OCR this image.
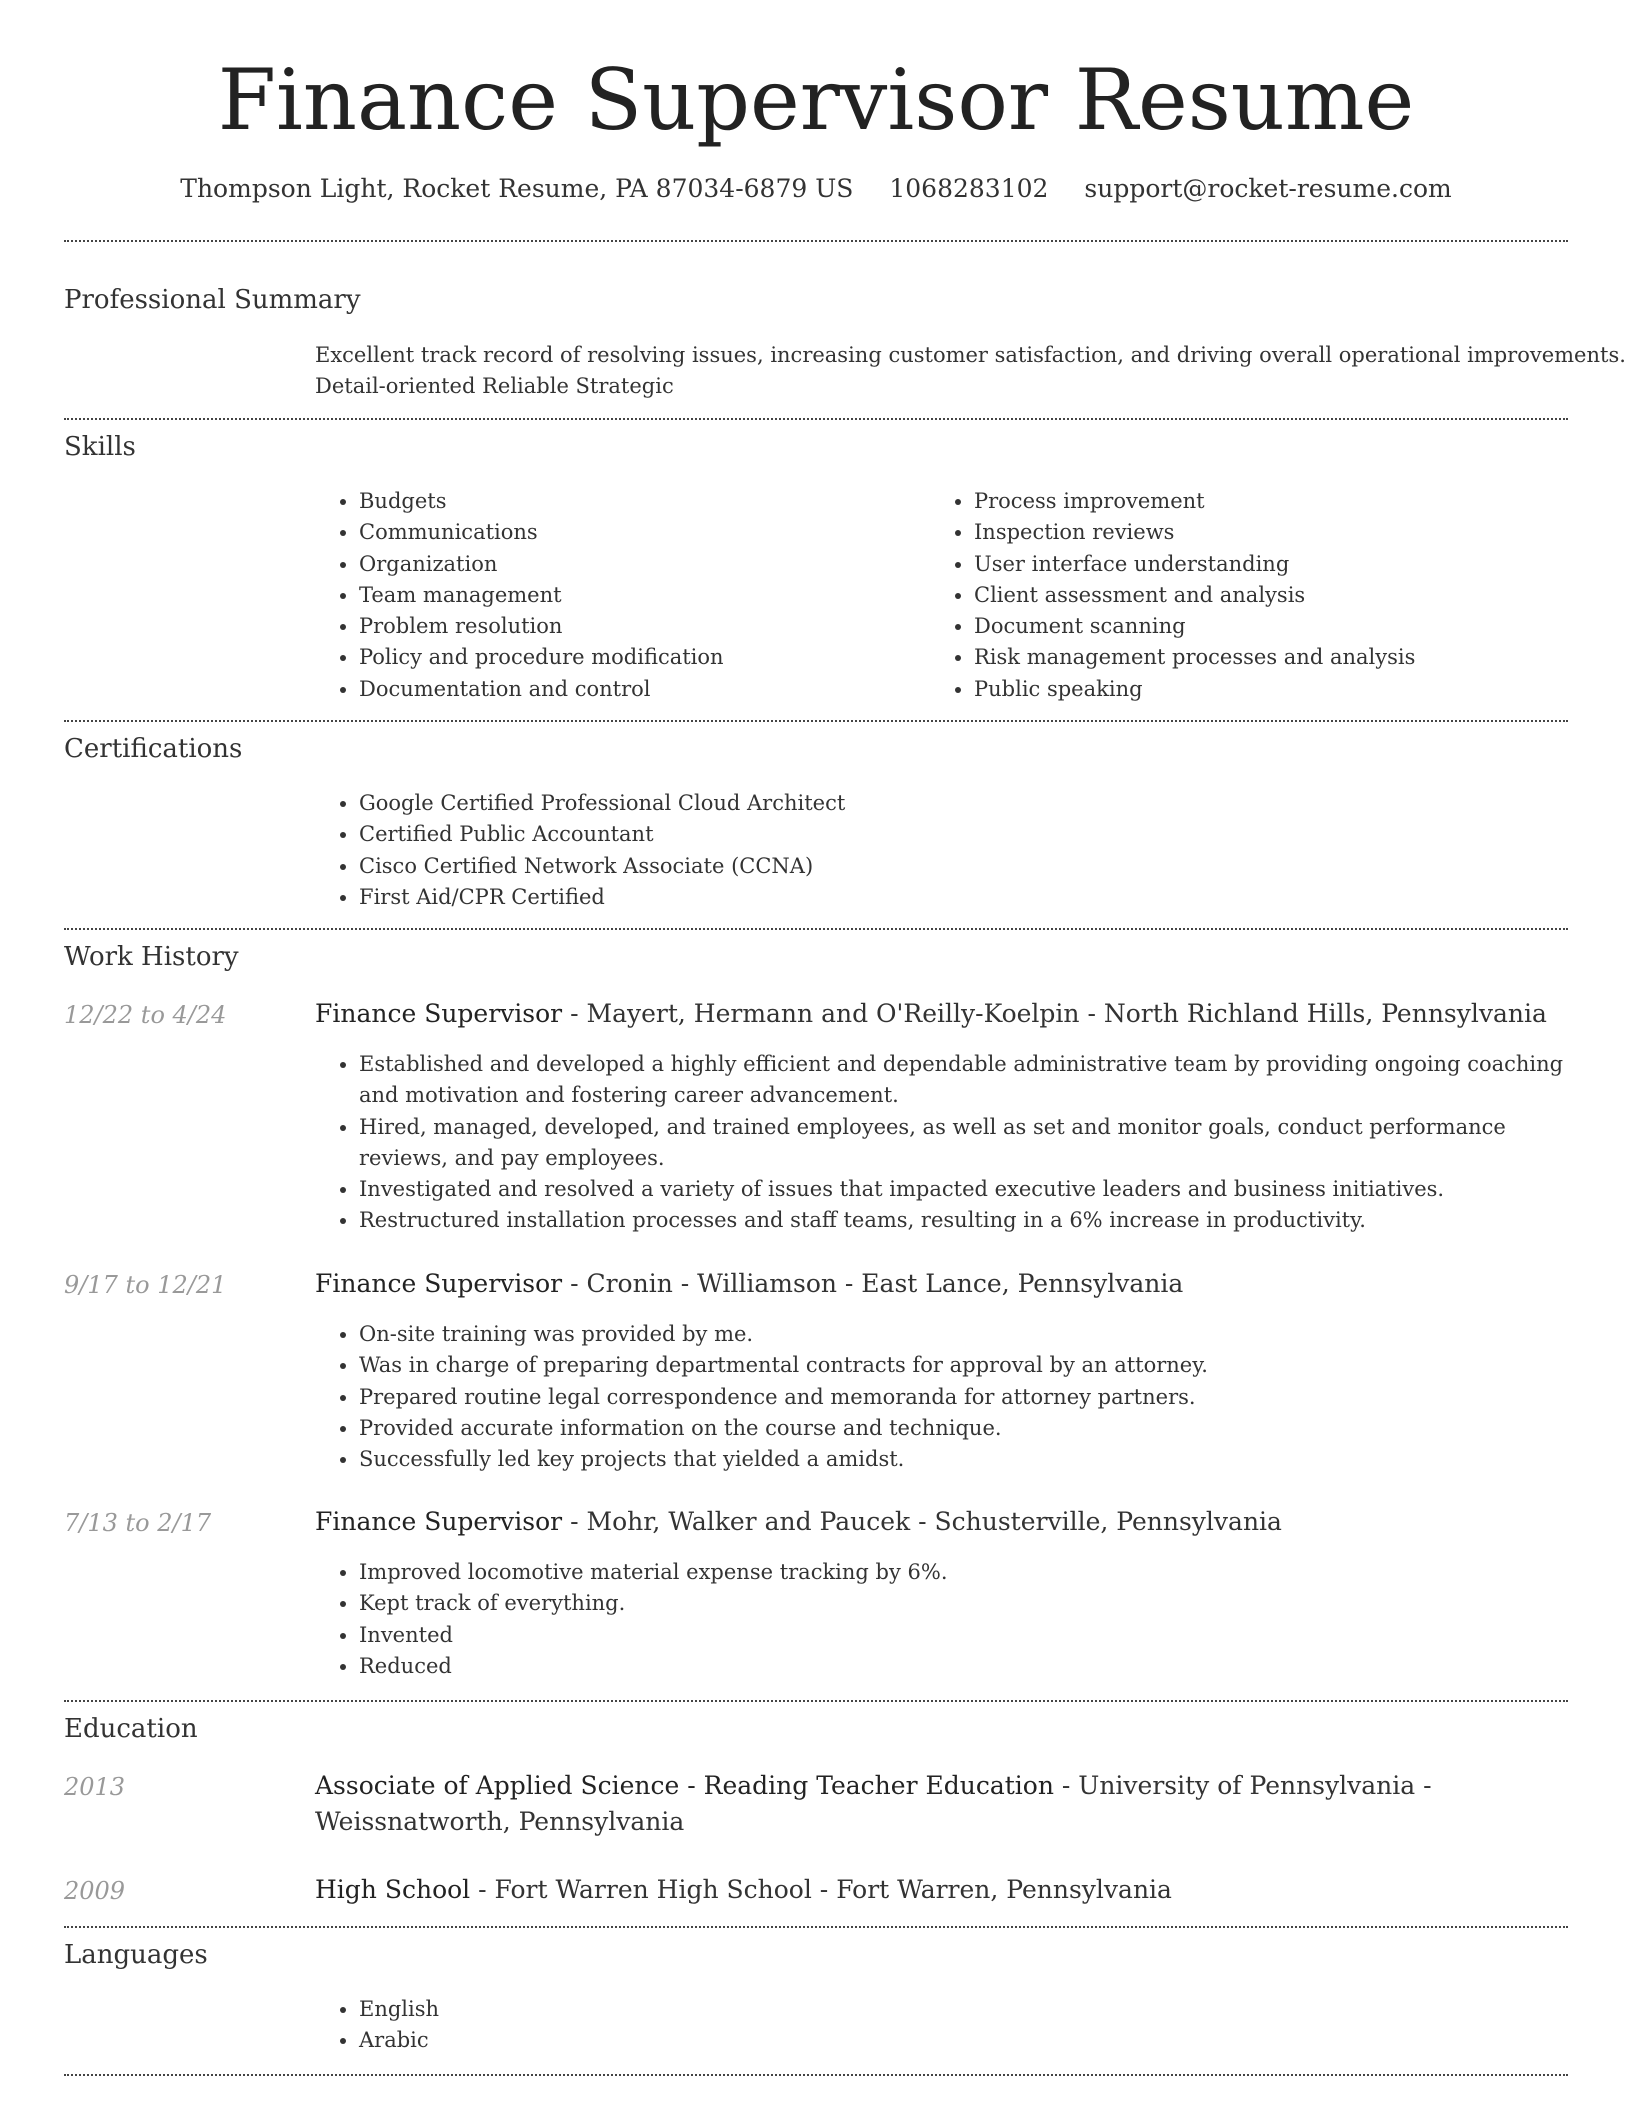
Finance Supervisor Resume
Thompson Light, Rocket Resume, PA 87034-6879 US 1068283102 support@rocket-resume.com
Professional Summary
Excellent track record of resolving issues, increasing customer satisfaction, and driving overall operational improvements.
Detail-oriented Reliable Strategic
Skills
• Budgets
• Communications
• Organization
• Team management
• Problem resolution
• Policy and procedure modification
• Documentation and control
• Process improvement
• Inspection reviews
• User interface understanding
• Client assessment and analysis
• Document scanning
• Risk management processes and analysis
• Public speaking
Certifications
• Google Certified Professional Cloud Architect
• Certified Public Accountant
• Cisco Certified Network Associate (CCNA)
• First Aid/CPR Certified
Work History
12/22 to 4/24	Finance Supervisor - Mayert, Hermann and O'Reilly-Koelpin - North Richland Hills, Pennsylvania
• Established and developed a highly efficient and dependable administrative team by providing ongoing coaching and motivation and fostering career advancement.
• Hired, managed, developed, and trained employees, as well as set and monitor goals, conduct performance reviews, and pay employees.
• Investigated and resolved a variety of issues that impacted executive leaders and business initiatives.
• Restructured installation processes and staff teams, resulting in a 6% increase in productivity.
9/17 to 12/21	Finance Supervisor - Cronin - Williamson - East Lance, Pennsylvania
• On-site training was provided by me.
• Was in charge of preparing departmental contracts for approval by an attorney.
• Prepared routine legal correspondence and memoranda for attorney partners.
• Provided accurate information on the course and technique.
• Successfully led key projects that yielded a amidst.
7/13 to 2/17	Finance Supervisor - Mohr, Walker and Paucek - Schusterville, Pennsylvania
• Improved locomotive material expense tracking by 6%.
• Kept track of everything.
• Invented
• Reduced
Education
2013	Associate of Applied Science - Reading Teacher Education - University of Pennsylvania - Weissnatworth, Pennsylvania
2009	High School - Fort Warren High School - Fort Warren, Pennsylvania
Languages
• English
• Arabic
